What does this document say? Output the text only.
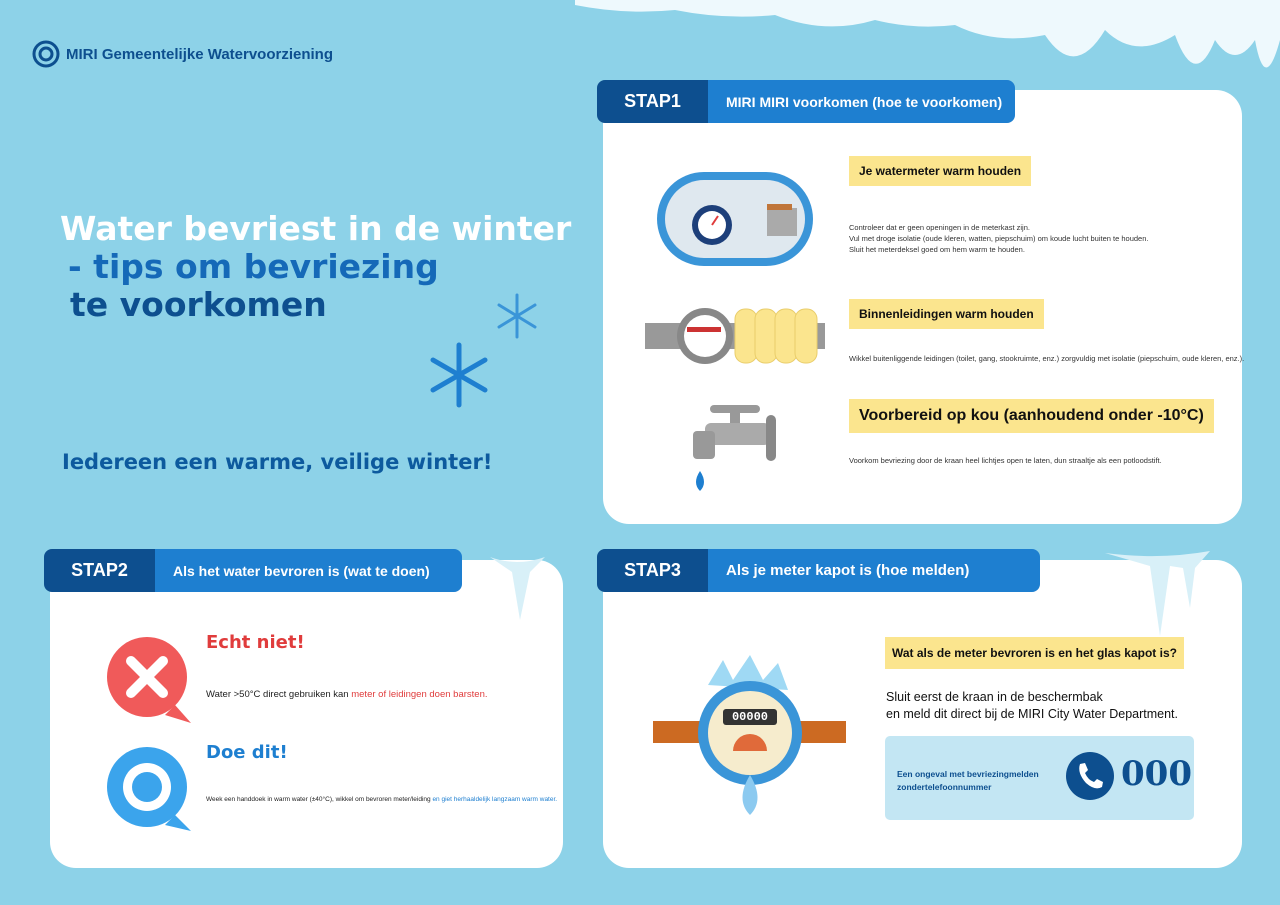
MIRI Gemeentelijke Watervoorziening
Water bevriest in de winter
- tips om bevriezing
te voorkomen
Iedereen een warme, veilige winter!
STAP1	MIRI MIRI voorkomen (hoe te voorkomen)
Je watermeter warm houden
Controleer dat er geen openingen in de meterkast zijn.
Vul met droge isolatie (oude kleren, watten, piepschuim) om koude lucht buiten te houden.
Sluit het meterdeksel goed om hem warm te houden.
Binnenleidingen warm houden
Wikkel buitenliggende leidingen (toilet, gang, stookruimte, enz.) zorgvuldig met isolatie (piepschuim, oude kleren, enz.).
Voorbereid op kou (aanhoudend onder -10°C)
Voorkom bevriezing door de kraan heel lichtjes open te laten, dun straaltje als een potloodstift.
STAP2	Als het water bevroren is (wat te doen)
Echt niet!
Water >50°C direct gebruiken kan meter of leidingen doen barsten.
Doe dit!
Week een handdoek in warm water (±40°C), wikkel om bevroren meter/leiding en giet herhaaldelijk langzaam warm water.
STAP3	Als je meter kapot is (hoe melden)
00000
Wat als de meter bevroren is en het glas kapot is?
Sluit eerst de kraan in de beschermbak
en meld dit direct bij de MIRI City Water Department.
Een ongeval met bevriezingmelden
zondertelefoonnummer	000
